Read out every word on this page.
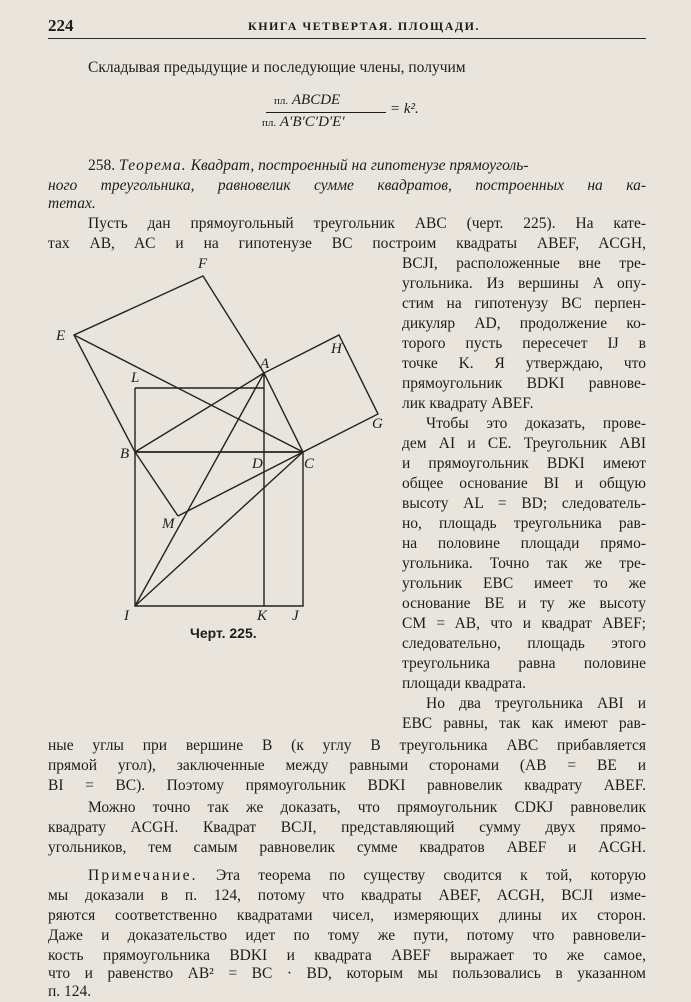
224	КНИГА ЧЕТВЕРТАЯ. ПЛОЩАДИ.
Складывая предыдущие и последующие члены, получим
пл. ABCDE
пл. A′B′C′D′E′
= k².
258. Теорема. Квадрат, построенный на гипотенузе прямоуголь-
ного треугольника, равновелик сумме квадратов, построенных на ка-
тетах.
Пусть дан прямоугольный треугольник ABC (черт. 225). На кате-
тах AB, AC и на гипотенузе BC построим квадраты ABEF, ACGH,
BCJI, расположенные вне тре-
угольника. Из вершины A опу-
стим на гипотенузу BC перпен-
дикуляр AD, продолжение ко-
торого пусть пересечет IJ в
точке K. Я утверждаю, что
прямоугольник BDKI равнове-
лик квадрату ABEF.
Чтобы это доказать, прове-
дем AI и CE. Треугольник ABI
и прямоугольник BDKI имеют
общее основание BI и общую
высоту AL = BD; следователь-
но, площадь треугольника рав-
на половине площади прямо-
угольника. Точно так же тре-
угольник EBC имеет то же
основание BE и ту же высоту
CM = AB, что и квадрат ABEF;
следовательно, площадь этого
треугольника равна половине
площади квадрата.
Но два треугольника ABI и
EBC равны, так как имеют рав-
ные углы при вершине B (к углу B треугольника ABC прибавляется
прямой угол), заключенные между равными сторонами (AB = BE и
BI = BC). Поэтому прямоугольник BDKI равновелик квадрату ABEF.
Можно точно так же доказать, что прямоугольник CDKJ равновелик
квадрату ACGH. Квадрат BCJI, представляющий сумму двух прямо-
угольников, тем самым равновелик сумме квадратов ABEF и ACGH.
Примечание. Эта теорема по существу сводится к той, которую
мы доказали в п. 124, потому что квадраты ABEF, ACGH, BCJI изме-
ряются соответственно квадратами чисел, измеряющих длины их сторон.
Даже и доказательство идет по тому же пути, потому что равновели-
кость прямоугольника BDKI и квадрата ABEF выражает то же самое,
что и равенство AB² = BC · BD, которым мы пользовались в указанном
п. 124.
F
E
H
L
A
G
B
D	C
M
I	K J
Черт. 225.
